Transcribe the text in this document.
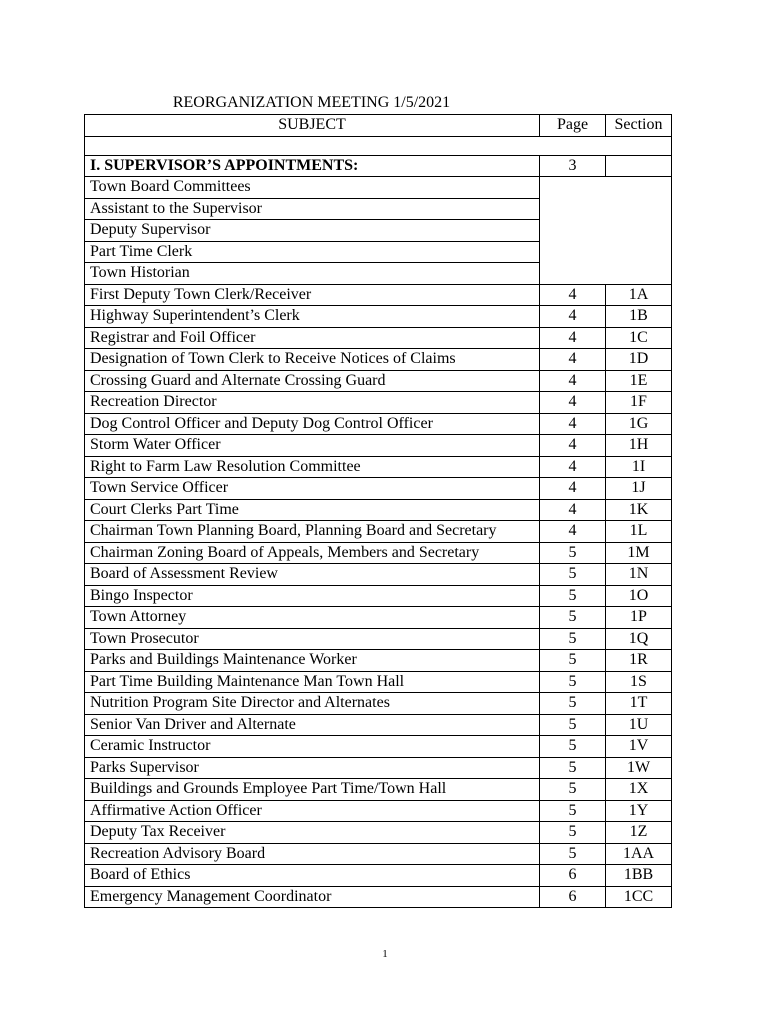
REORGANIZATION MEETING 1/5/2021
SUBJECT	Page	Section

I. SUPERVISOR’S APPOINTMENTS:	3	
Town Board Committees		
Assistant to the Supervisor		
Deputy Supervisor		
Part Time Clerk		
Town Historian		
First Deputy Town Clerk/Receiver	4	1A
Highway Superintendent’s Clerk	4	1B
Registrar and Foil Officer	4	1C
Designation of Town Clerk to Receive Notices of Claims	4	1D
Crossing Guard and Alternate Crossing Guard	4	1E
Recreation Director	4	1F
Dog Control Officer and Deputy Dog Control Officer	4	1G
Storm Water Officer	4	1H
Right to Farm Law Resolution Committee	4	1I
Town Service Officer	4	1J
Court Clerks Part Time	4	1K
Chairman Town Planning Board, Planning Board and Secretary	4	1L
Chairman Zoning Board of Appeals, Members and Secretary	5	1M
Board of Assessment Review	5	1N
Bingo Inspector	5	1O
Town Attorney	5	1P
Town Prosecutor	5	1Q
Parks and Buildings Maintenance Worker	5	1R
Part Time Building Maintenance Man Town Hall	5	1S
Nutrition Program Site Director and Alternates	5	1T
Senior Van Driver and Alternate	5	1U
Ceramic Instructor	5	1V
Parks Supervisor	5	1W
Buildings and Grounds Employee Part Time/Town Hall	5	1X
Affirmative Action Officer	5	1Y
Deputy Tax Receiver	5	1Z
Recreation Advisory Board	5	1AA
Board of Ethics	6	1BB
Emergency Management Coordinator	6	1CC
1
